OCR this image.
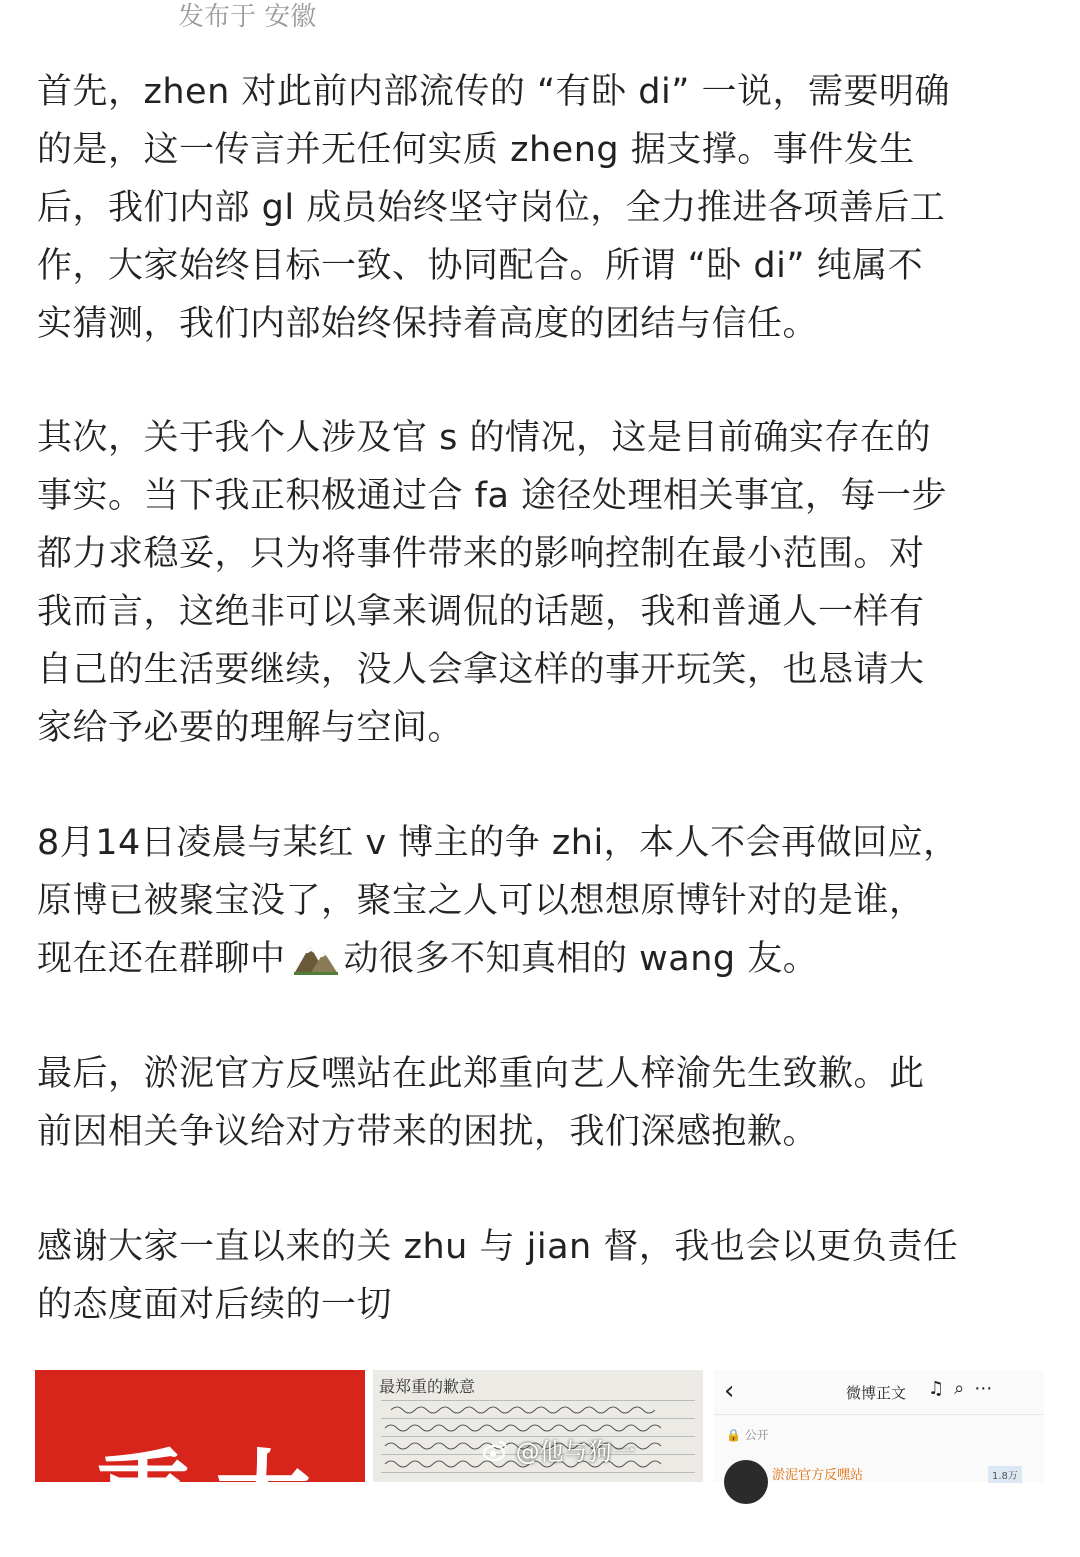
发布于 安徽
首先，zhen 对此前内部流传的 “有卧 di” 一说，需要明确
的是，这一传言并无任何实质 zheng 据支撑。事件发生
后，我们内部 gl 成员始终坚守岗位，全力推进各项善后工
作，大家始终目标一致、协同配合。所谓 “卧 di” 纯属不
实猜测，我们内部始终保持着高度的团结与信任。
其次，关于我个人涉及官 s 的情况，这是目前确实存在的
事实。当下我正积极通过合 fa 途径处理相关事宜，每一步
都力求稳妥，只为将事件带来的影响控制在最小范围。对
我而言，这绝非可以拿来调侃的话题，我和普通人一样有
自己的生活要继续，没人会拿这样的事开玩笑，也恳请大
家给予必要的理解与空间。
8月14日凌晨与某红 v 博主的争 zhi，本人不会再做回应，
原博已被聚宝没了，聚宝之人可以想想原博针对的是谁，
现在还在群聊中 动很多不知真相的 wang 友。
最后，淤泥官方反嘿站在此郑重向艺人梓渝先生致歉。此
前因相关争议给对方带来的困扰，我们深感抱歉。
感谢大家一直以来的关 zhu 与 jian 督，我也会以更负责任
的态度面对后续的一切
重大
最郑重的歉意	‹	微博正文 ♫⌕⋯
🔒 公开
淤泥官方反嘿站	1.8万
@他与狗一
